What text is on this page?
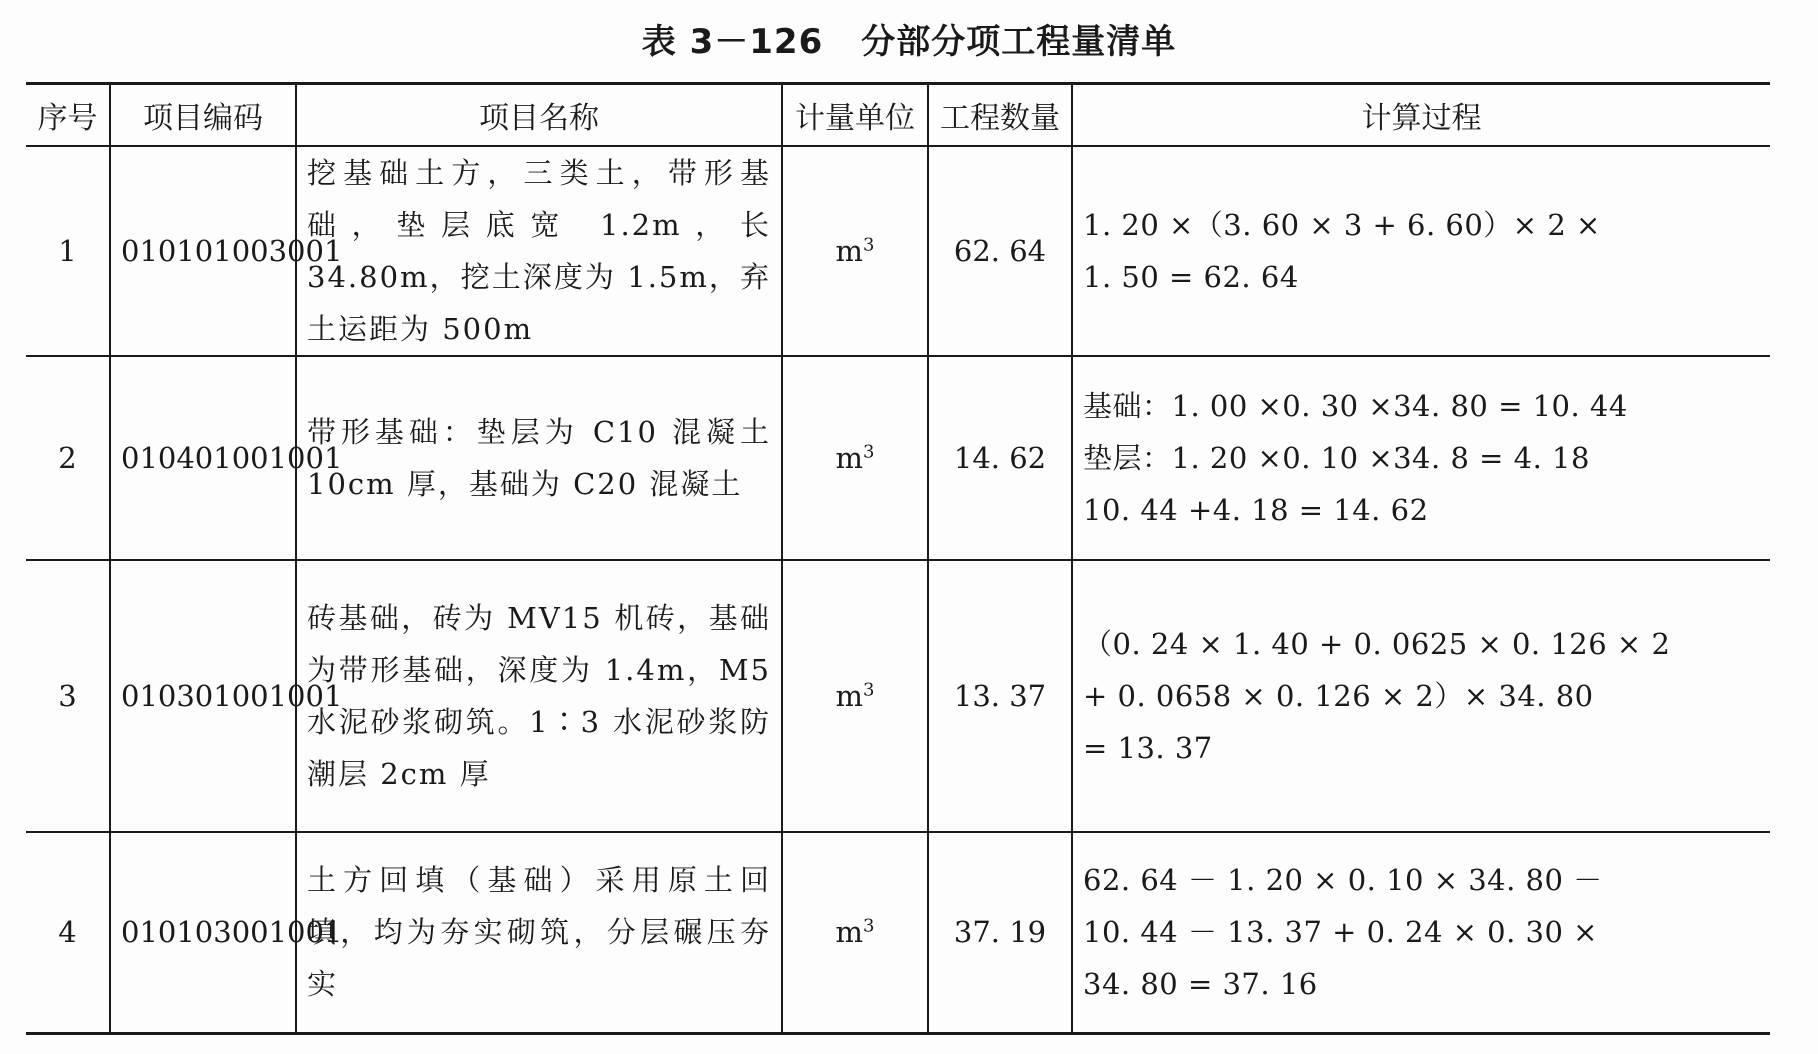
表 3－126 分部分项工程量清单
序号	项目编码	项目名称	计量单位	工程数量	计算过程
1	010101003001	挖基础土方，三类土，带形基础，垫层底宽 1.2m，长 34.80m，挖土深度为 1.5m，弃土运距为 500m	$m^3$	62. 64	1. 20 ×（3. 60 × 3 + 6. 60）× 2 ×
1. 50 = 62. 64

2	010401001001	带形基础：垫层为 C10 混凝土 10cm 厚，基础为 C20 混凝土	$m^3$	14. 62	基础：1. 00 ×0. 30 ×34. 80 = 10. 44
垫层：1. 20 ×0. 10 ×34. 8 = 4. 18
10. 44 +4. 18 = 14. 62

3	010301001001	砖基础，砖为 MV15 机砖，基础为带形基础，深度为 1.4m，M5 水泥砂浆砌筑。1∶3 水泥砂浆防潮层 2cm 厚	$m^3$	13. 37	（0. 24 × 1. 40 + 0. 0625 × 0. 126 × 2
+ 0. 0658 × 0. 126 × 2）× 34. 80
= 13. 37

4	010103001001	土方回填（基础）采用原土回填，均为夯实砌筑，分层碾压夯实	$m^3$	37. 19	62. 64 － 1. 20 × 0. 10 × 34. 80 －
10. 44 － 13. 37 + 0. 24 × 0. 30 ×
34. 80 = 37. 16
